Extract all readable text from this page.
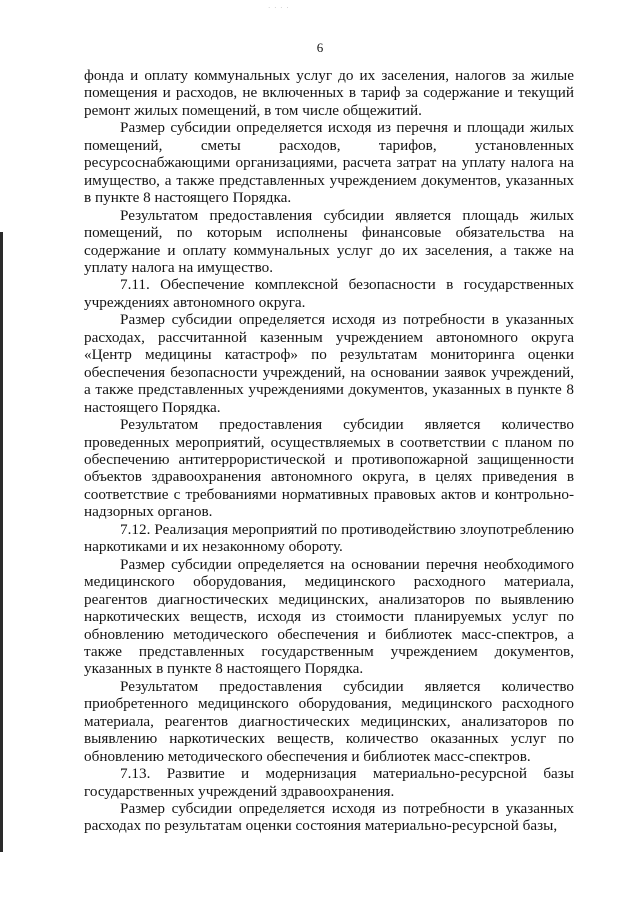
· · · ·
6

фонда и оплату коммунальных услуг до их заселения, налогов за жилые помещения и расходов, не включенных в тариф за содержание и текущий ремонт жилых помещений, в том числе общежитий.

Размер субсидии определяется исходя из перечня и площади жилых помещений, сметы расходов, тарифов, установленных ресурсоснабжающими организациями, расчета затрат на уплату налога на имущество, а также представленных учреждением документов, указанных в пункте 8 настоящего Порядка.

Результатом предоставления субсидии является площадь жилых помещений, по которым исполнены финансовые обязательства на содержание и оплату коммунальных услуг до их заселения, а также на уплату налога на имущество.

7.11. Обеспечение комплексной безопасности в государственных учреждениях автономного округа.

Размер субсидии определяется исходя из потребности в указанных расходах, рассчитанной казенным учреждением автономного округа «Центр медицины катастроф» по результатам мониторинга оценки обеспечения безопасности учреждений, на основании заявок учреждений, а также представленных учреждениями документов, указанных в пункте 8 настоящего Порядка.

Результатом предоставления субсидии является количество проведенных мероприятий, осуществляемых в соответствии с планом по обеспечению антитеррористической и противопожарной защищенности объектов здравоохранения автономного округа, в целях приведения в соответствие с требованиями нормативных правовых актов и контрольно-надзорных органов.

7.12. Реализация мероприятий по противодействию злоупотреблению наркотиками и их незаконному обороту.

Размер субсидии определяется на основании перечня необходимого медицинского оборудования, медицинского расходного материала, реагентов диагностических медицинских, анализаторов по выявлению наркотических веществ, исходя из стоимости планируемых услуг по обновлению методического обеспечения и библиотек масс-спектров, а также представленных государственным учреждением документов, указанных в пункте 8 настоящего Порядка.

Результатом предоставления субсидии является количество приобретенного медицинского оборудования, медицинского расходного материала, реагентов диагностических медицинских, анализаторов по выявлению наркотических веществ, количество оказанных услуг по обновлению методического обеспечения и библиотек масс-спектров.

7.13. Развитие и модернизация материально-ресурсной базы государственных учреждений здравоохранения.

Размер субсидии определяется исходя из потребности в указанных расходах по результатам оценки состояния материально-ресурсной базы,
